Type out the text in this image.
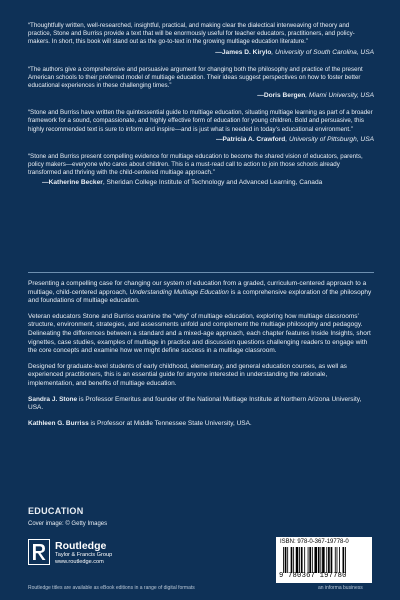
“Thoughtfully written, well-researched, insightful, practical, and making clear the dialectical interweaving of theory and practice, Stone and Burriss provide a text that will be enormously useful for teacher educators, practitioners, and policy-makers. In short, this book will stand out as the go-to-text in the growing multiage education literature.”

—James D. Kirylo, University of South Carolina, USA

“The authors give a comprehensive and persuasive argument for changing both the philosophy and practice of the present American schools to their preferred model of multiage education. Their ideas suggest perspectives on how to foster better educational experiences in these challenging times.”

—Doris Bergen, Miami University, USA

“Stone and Burriss have written the quintessential guide to multiage education, situating multiage learning as part of a broader framework for a sound, compassionate, and highly effective form of education for young children. Bold and persuasive, this highly recommended text is sure to inform and inspire—and is just what is needed in today’s educational environment.”

—Patricia A. Crawford, University of Pittsburgh, USA

“Stone and Burriss present compelling evidence for multiage education to become the shared vision of educators, parents, policy makers—everyone who cares about children. This is a must-read call to action to join those schools already transformed and thriving with the child-centered multiage approach.”

—Katherine Becker, Sheridan College Institute of Technology and Advanced Learning, Canada

Presenting a compelling case for changing our system of education from a graded, curriculum-centered approach to a multiage, child-centered approach, Understanding Multiage Education is a comprehensive exploration of the philosophy and foundations of multiage education.

Veteran educators Stone and Burriss examine the “why” of multiage education, exploring how multiage classrooms’ structure, environment, strategies, and assessments unfold and complement the multiage philosophy and pedagogy. Delineating the differences between a standard and a mixed-age approach, each chapter features Inside Insights, short vignettes, case studies, examples of multiage in practice and discussion questions challenging readers to engage with the core concepts and examine how we might define success in a multiage classroom.

Designed for graduate-level students of early childhood, elementary, and general education courses, as well as experienced practitioners, this is an essential guide for anyone interested in understanding the rationale, implementation, and benefits of multiage education.

Sandra J. Stone is Professor Emeritus and founder of the National Multiage Institute at Northern Arizona University, USA.

Kathleen G. Burriss is Professor at Middle Tennessee State University, USA.

EDUCATION
Cover image: © Getty Images
Routledge
Taylor & Francis Group
www.routledge.com
ISBN: 978-0-367-19778-0
9 780367 197780
Routledge titles are available as eBook editions in a range of digital formats	an informa business
